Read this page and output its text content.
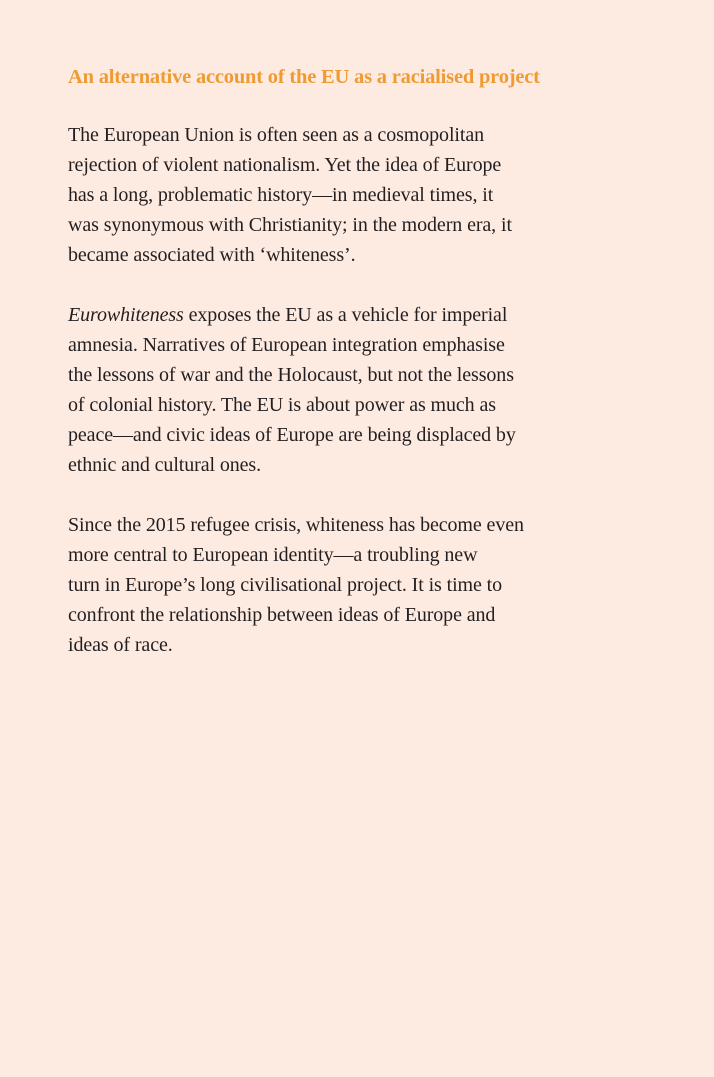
An alternative account of the EU as a racialised project

The European Union is often seen as a cosmopolitan
rejection of violent nationalism. Yet the idea of Europe
has a long, problematic history—in medieval times, it
was synonymous with Christianity; in the modern era, it
became associated with ‘whiteness’.

Eurowhiteness exposes the EU as a vehicle for imperial
amnesia. Narratives of European integration emphasise
the lessons of war and the Holocaust, but not the lessons
of colonial history. The EU is about power as much as
peace—and civic ideas of Europe are being displaced by
ethnic and cultural ones.

Since the 2015 refugee crisis, whiteness has become even
more central to European identity—a troubling new
turn in Europe’s long civilisational project. It is time to
confront the relationship between ideas of Europe and
ideas of race.
